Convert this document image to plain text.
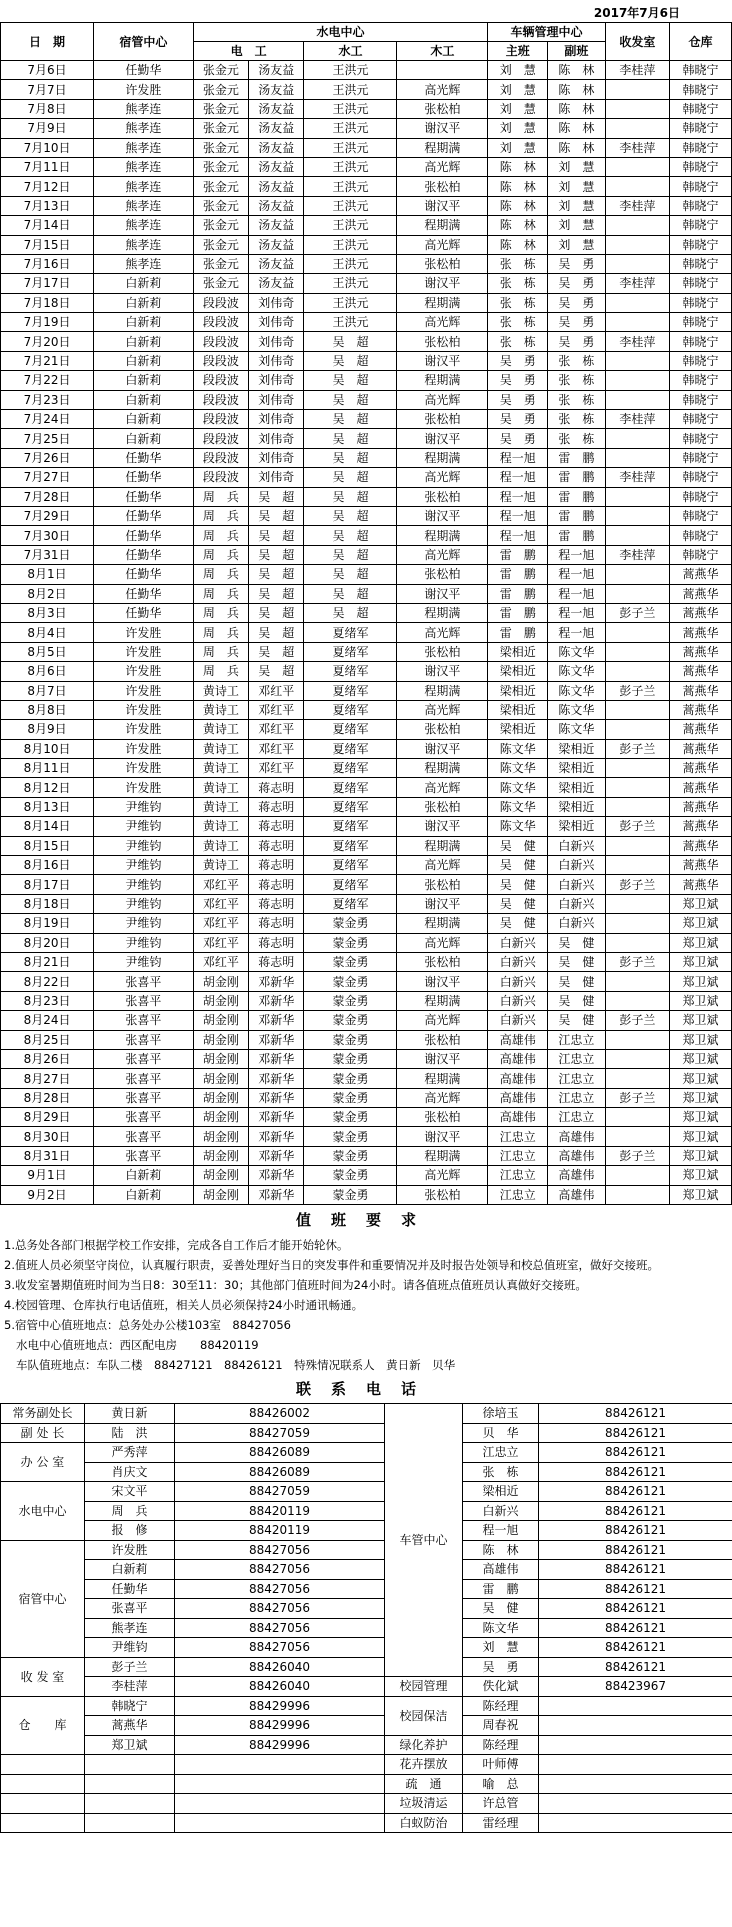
2017年7月6日
日　期	宿管中心	水电中心				车辆管理中心		收发室	仓库
		电　工		水工	木工	主班	副班		
7月6日	任勤华	张金元	汤友益	王洪元		刘　慧	陈　林	李桂萍	韩晓宁
7月7日	许发胜	张金元	汤友益	王洪元	高光辉	刘　慧	陈　林		韩晓宁
7月8日	熊孝连	张金元	汤友益	王洪元	张松柏	刘　慧	陈　林		韩晓宁
7月9日	熊孝连	张金元	汤友益	王洪元	谢汉平	刘　慧	陈　林		韩晓宁
7月10日	熊孝连	张金元	汤友益	王洪元	程期满	刘　慧	陈　林	李桂萍	韩晓宁
7月11日	熊孝连	张金元	汤友益	王洪元	高光辉	陈　林	刘　慧		韩晓宁
7月12日	熊孝连	张金元	汤友益	王洪元	张松柏	陈　林	刘　慧		韩晓宁
7月13日	熊孝连	张金元	汤友益	王洪元	谢汉平	陈　林	刘　慧	李桂萍	韩晓宁
7月14日	熊孝连	张金元	汤友益	王洪元	程期满	陈　林	刘　慧		韩晓宁
7月15日	熊孝连	张金元	汤友益	王洪元	高光辉	陈　林	刘　慧		韩晓宁
7月16日	熊孝连	张金元	汤友益	王洪元	张松柏	张　栋	吴　勇		韩晓宁
7月17日	白新莉	张金元	汤友益	王洪元	谢汉平	张　栋	吴　勇	李桂萍	韩晓宁
7月18日	白新莉	段段波	刘伟奇	王洪元	程期满	张　栋	吴　勇		韩晓宁
7月19日	白新莉	段段波	刘伟奇	王洪元	高光辉	张　栋	吴　勇		韩晓宁
7月20日	白新莉	段段波	刘伟奇	吴　超	张松柏	张　栋	吴　勇	李桂萍	韩晓宁
7月21日	白新莉	段段波	刘伟奇	吴　超	谢汉平	吴　勇	张　栋		韩晓宁
7月22日	白新莉	段段波	刘伟奇	吴　超	程期满	吴　勇	张　栋		韩晓宁
7月23日	白新莉	段段波	刘伟奇	吴　超	高光辉	吴　勇	张　栋		韩晓宁
7月24日	白新莉	段段波	刘伟奇	吴　超	张松柏	吴　勇	张　栋	李桂萍	韩晓宁
7月25日	白新莉	段段波	刘伟奇	吴　超	谢汉平	吴　勇	张　栋		韩晓宁
7月26日	任勤华	段段波	刘伟奇	吴　超	程期满	程一旭	雷　鹏		韩晓宁
7月27日	任勤华	段段波	刘伟奇	吴　超	高光辉	程一旭	雷　鹏	李桂萍	韩晓宁
7月28日	任勤华	周　兵	吴　超	吴　超	张松柏	程一旭	雷　鹏		韩晓宁
7月29日	任勤华	周　兵	吴　超	吴　超	谢汉平	程一旭	雷　鹏		韩晓宁
7月30日	任勤华	周　兵	吴　超	吴　超	程期满	程一旭	雷　鹏		韩晓宁
7月31日	任勤华	周　兵	吴　超	吴　超	高光辉	雷　鹏	程一旭	李桂萍	韩晓宁
8月1日	任勤华	周　兵	吴　超	吴　超	张松柏	雷　鹏	程一旭		蒿燕华
8月2日	任勤华	周　兵	吴　超	吴　超	谢汉平	雷　鹏	程一旭		蒿燕华
8月3日	任勤华	周　兵	吴　超	吴　超	程期满	雷　鹏	程一旭	彭子兰	蒿燕华
8月4日	许发胜	周　兵	吴　超	夏绪军	高光辉	雷　鹏	程一旭		蒿燕华
8月5日	许发胜	周　兵	吴　超	夏绪军	张松柏	梁相近	陈文华		蒿燕华
8月6日	许发胜	周　兵	吴　超	夏绪军	谢汉平	梁相近	陈文华		蒿燕华
8月7日	许发胜	黄诗工	邓红平	夏绪军	程期满	梁相近	陈文华	彭子兰	蒿燕华
8月8日	许发胜	黄诗工	邓红平	夏绪军	高光辉	梁相近	陈文华		蒿燕华
8月9日	许发胜	黄诗工	邓红平	夏绪军	张松柏	梁相近	陈文华		蒿燕华
8月10日	许发胜	黄诗工	邓红平	夏绪军	谢汉平	陈文华	梁相近	彭子兰	蒿燕华
8月11日	许发胜	黄诗工	邓红平	夏绪军	程期满	陈文华	梁相近		蒿燕华
8月12日	许发胜	黄诗工	蒋志明	夏绪军	高光辉	陈文华	梁相近		蒿燕华
8月13日	尹维钧	黄诗工	蒋志明	夏绪军	张松柏	陈文华	梁相近		蒿燕华
8月14日	尹维钧	黄诗工	蒋志明	夏绪军	谢汉平	陈文华	梁相近	彭子兰	蒿燕华
8月15日	尹维钧	黄诗工	蒋志明	夏绪军	程期满	吴　健	白新兴		蒿燕华
8月16日	尹维钧	黄诗工	蒋志明	夏绪军	高光辉	吴　健	白新兴		蒿燕华
8月17日	尹维钧	邓红平	蒋志明	夏绪军	张松柏	吴　健	白新兴	彭子兰	蒿燕华
8月18日	尹维钧	邓红平	蒋志明	夏绪军	谢汉平	吴　健	白新兴		郑卫斌
8月19日	尹维钧	邓红平	蒋志明	蒙金勇	程期满	吴　健	白新兴		郑卫斌
8月20日	尹维钧	邓红平	蒋志明	蒙金勇	高光辉	白新兴	吴　健		郑卫斌
8月21日	尹维钧	邓红平	蒋志明	蒙金勇	张松柏	白新兴	吴　健	彭子兰	郑卫斌
8月22日	张喜平	胡金刚	邓新华	蒙金勇	谢汉平	白新兴	吴　健		郑卫斌
8月23日	张喜平	胡金刚	邓新华	蒙金勇	程期满	白新兴	吴　健		郑卫斌
8月24日	张喜平	胡金刚	邓新华	蒙金勇	高光辉	白新兴	吴　健	彭子兰	郑卫斌
8月25日	张喜平	胡金刚	邓新华	蒙金勇	张松柏	高雄伟	江忠立		郑卫斌
8月26日	张喜平	胡金刚	邓新华	蒙金勇	谢汉平	高雄伟	江忠立		郑卫斌
8月27日	张喜平	胡金刚	邓新华	蒙金勇	程期满	高雄伟	江忠立		郑卫斌
8月28日	张喜平	胡金刚	邓新华	蒙金勇	高光辉	高雄伟	江忠立	彭子兰	郑卫斌
8月29日	张喜平	胡金刚	邓新华	蒙金勇	张松柏	高雄伟	江忠立		郑卫斌
8月30日	张喜平	胡金刚	邓新华	蒙金勇	谢汉平	江忠立	高雄伟		郑卫斌
8月31日	张喜平	胡金刚	邓新华	蒙金勇	程期满	江忠立	高雄伟	彭子兰	郑卫斌
9月1日	白新莉	胡金刚	邓新华	蒙金勇	高光辉	江忠立	高雄伟		郑卫斌
9月2日	白新莉	胡金刚	邓新华	蒙金勇	张松柏	江忠立	高雄伟		郑卫斌
值班要求
1.总务处各部门根据学校工作安排，完成各自工作后才能开始轮休。
2.值班人员必须坚守岗位，认真履行职责，妥善处理好当日的突发事件和重要情况并及时报告处领导和校总值班室，做好交接班。
3.收发室暑期值班时间为当日8：30至11：30；其他部门值班时间为24小时。请各值班点值班员认真做好交接班。
4.校园管理、仓库执行电话值班，相关人员必须保持24小时通讯畅通。
5.宿管中心值班地点：总务处办公楼103室　88427056
水电中心值班地点：西区配电房　　88420119
车队值班地点：车队二楼　88427121　88426121　特殊情况联系人　黄日新　贝华
联系电话
常务副处长	黄日新	88426002	车管中心	徐培玉	88426121
副 处 长	陆　洪	88427059		贝　华	88426121
办 公 室	严秀萍	88426089		江忠立	88426121
	肖庆文	88426089		张　栋	88426121
水电中心	宋文平	88427059		梁相近	88426121
	周　兵	88420119		白新兴	88426121
	报　修	88420119		程一旭	88426121
宿管中心	许发胜	88427056		陈　林	88426121
	白新莉	88427056		高雄伟	88426121
	任勤华	88427056		雷　鹏	88426121
	张喜平	88427056		吴　健	88426121
	熊孝连	88427056		陈文华	88426121
	尹维钧	88427056		刘　慧	88426121
收 发 室	彭子兰	88426040		吴　勇	88426121
	李桂萍	88426040	校园管理	佚化斌	88423967
仓　　库	韩晓宁	88429996	校园保洁	陈经理	
	蒿燕华	88429996		周春祝	
	郑卫斌	88429996	绿化养护	陈经理	
			花卉摆放	叶师傅	
			疏　通	喻　总	
			垃圾清运	许总管	
			白蚁防治	雷经理	
